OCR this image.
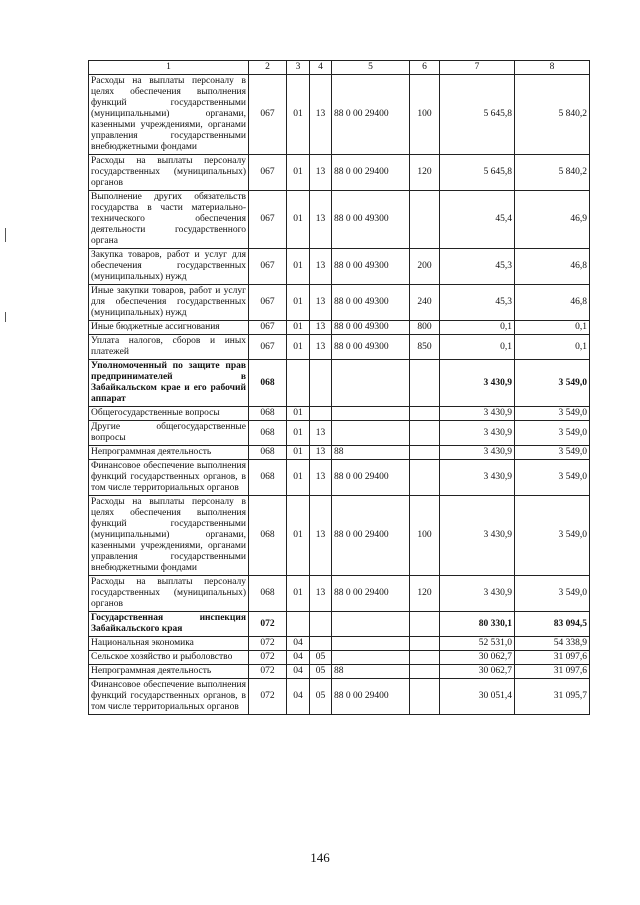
1	2	3	4	5	6	7	8
Расходы на выплаты персоналу в целях обеспечения выполнения функций государственными (муниципальными) органами, казенными учреждениями, органами управления государственными внебюджетными фондами	067	01	13	88 0 00 29400	100	5 645,8	5 840,2
Расходы на выплаты персоналу государственных (муниципальных) органов	067	01	13	88 0 00 29400	120	5 645,8	5 840,2
Выполнение других обязательств государства в части материально-технического обеспечения деятельности государственного органа	067	01	13	88 0 00 49300		45,4	46,9
Закупка товаров, работ и услуг для обеспечения государственных (муниципальных) нужд	067	01	13	88 0 00 49300	200	45,3	46,8
Иные закупки товаров, работ и услуг для обеспечения государственных (муниципальных) нужд	067	01	13	88 0 00 49300	240	45,3	46,8
Иные бюджетные ассигнования	067	01	13	88 0 00 49300	800	0,1	0,1
Уплата налогов, сборов и иных платежей	067	01	13	88 0 00 49300	850	0,1	0,1
Уполномоченный по защите прав предпринимателей в Забайкальском крае и его рабочий аппарат	068					3 430,9	3 549,0
Общегосударственные вопросы	068	01				3 430,9	3 549,0
Другие общегосударственные вопросы	068	01	13			3 430,9	3 549,0
Непрограммная деятельность	068	01	13	88		3 430,9	3 549,0
Финансовое обеспечение выполнения функций государственных органов, в том числе территориальных органов	068	01	13	88 0 00 29400		3 430,9	3 549,0
Расходы на выплаты персоналу в целях обеспечения выполнения функций государственными (муниципальными) органами, казенными учреждениями, органами управления государственными внебюджетными фондами	068	01	13	88 0 00 29400	100	3 430,9	3 549,0
Расходы на выплаты персоналу государственных (муниципальных) органов	068	01	13	88 0 00 29400	120	3 430,9	3 549,0
Государственная инспекция Забайкальского края	072					80 330,1	83 094,5
Национальная экономика	072	04				52 531,0	54 338,9
Сельское хозяйство и рыболовство	072	04	05			30 062,7	31 097,6
Непрограммная деятельность	072	04	05	88		30 062,7	31 097,6
Финансовое обеспечение выполнения функций государственных органов, в том числе территориальных органов	072	04	05	88 0 00 29400		30 051,4	31 095,7
146
